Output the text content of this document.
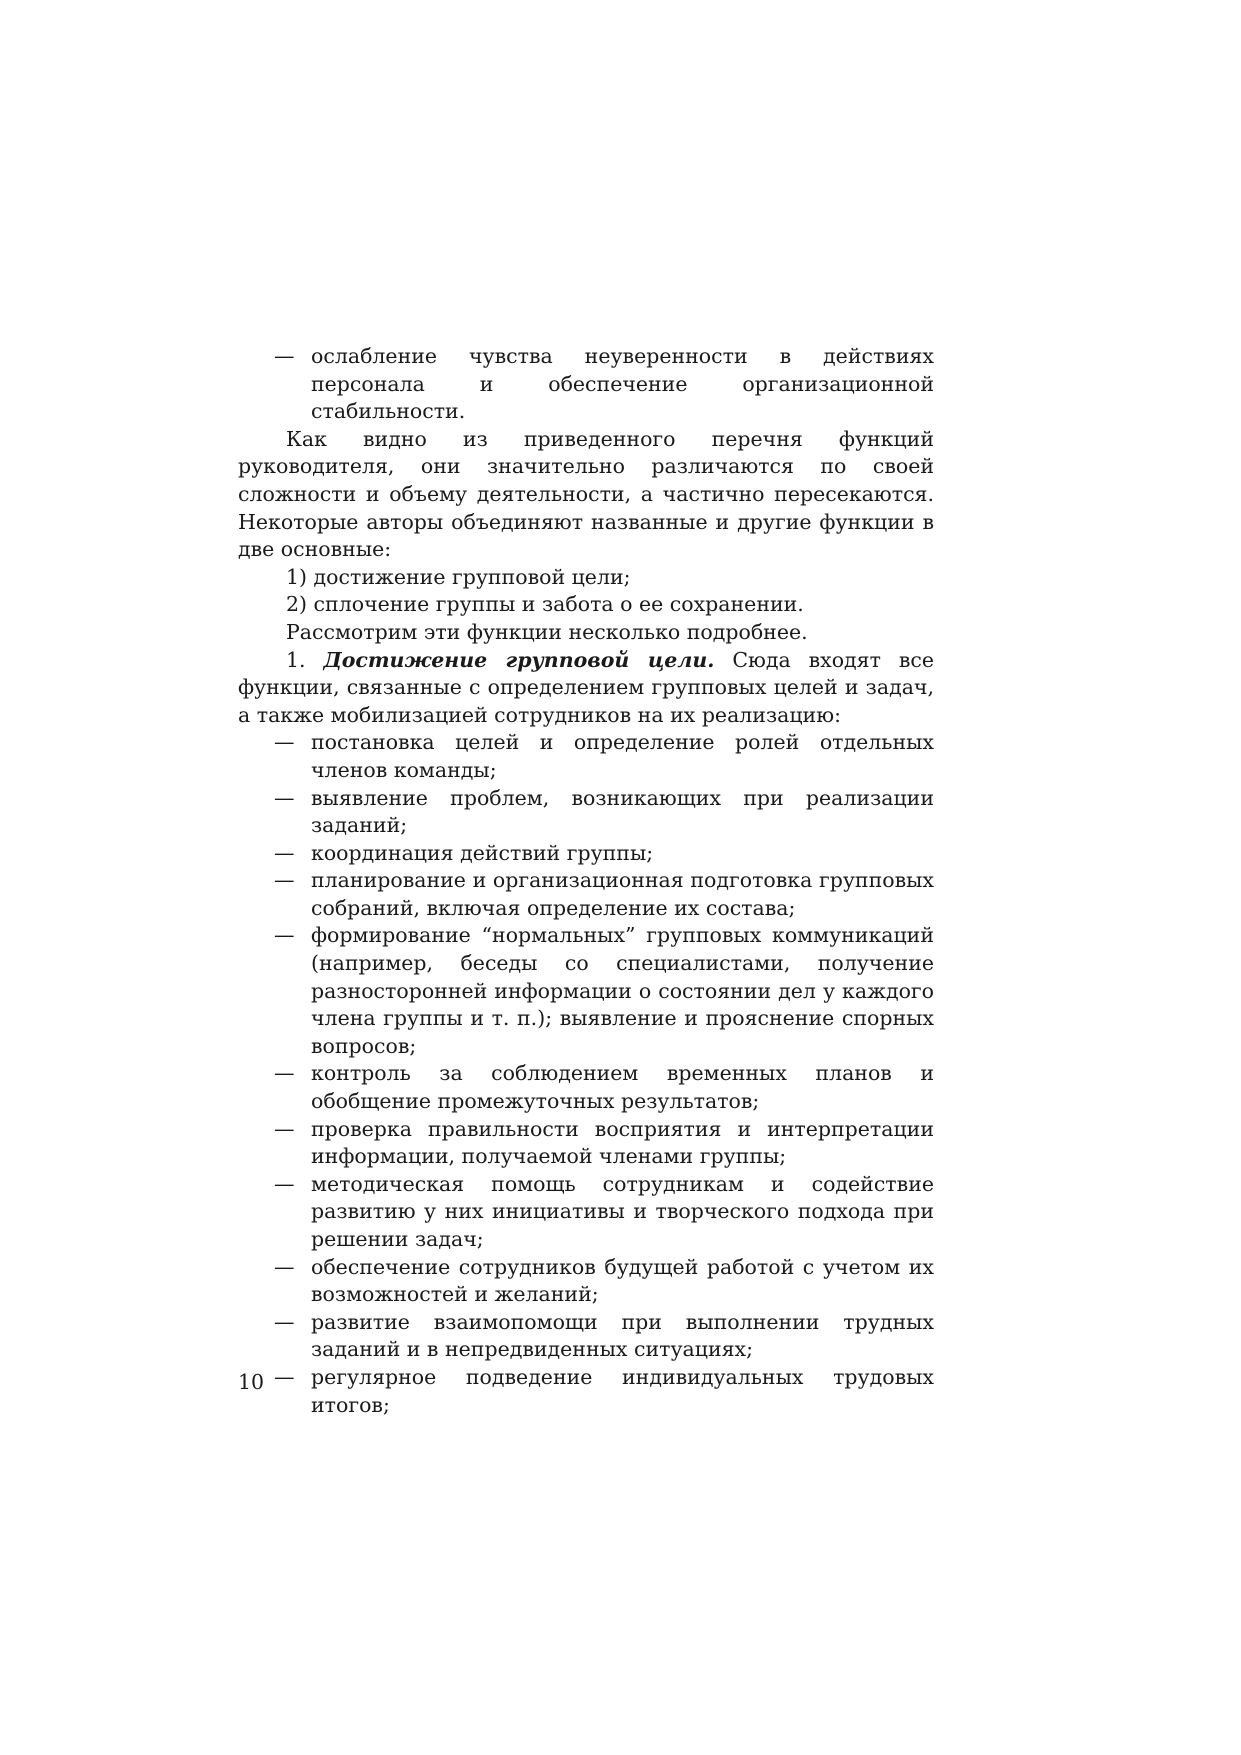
— ослабление чувства неуверенности в действиях персонала и обеспечение организационной стабильности.

Как видно из приведенного перечня функций руководителя, они значительно различаются по своей сложности и объему деятельности, а частично пересекаются. Некоторые авторы объединяют названные и другие функции в две основные:

1) достижение групповой цели;

2) сплочение группы и забота о ее сохранении.

Рассмотрим эти функции несколько подробнее.

1. Достижение групповой цели. Сюда входят все функции, связанные с определением групповых целей и задач, а также мобилизацией сотрудников на их реализацию:

— постановка целей и определение ролей отдельных членов команды;

— выявление проблем, возникающих при реализации заданий;

— координация действий группы;

— планирование и организационная подготовка групповых собраний, включая определение их состава;

— формирование “нормальных” групповых коммуникаций (например, беседы со специалистами, получение разносторонней информации о состоянии дел у каждого члена группы и т. п.); выявление и прояснение спорных вопросов;

— контроль за соблюдением временных планов и обобщение промежуточных результатов;

— проверка правильности восприятия и интерпретации информации, получаемой членами группы;

— методическая помощь сотрудникам и содействие развитию у них инициативы и творческого подхода при решении задач;

— обеспечение сотрудников будущей работой с учетом их возможностей и желаний;

— развитие взаимопомощи при выполнении трудных заданий и в непредвиденных ситуациях;

— регулярное подведение индивидуальных трудовых итогов;

10
